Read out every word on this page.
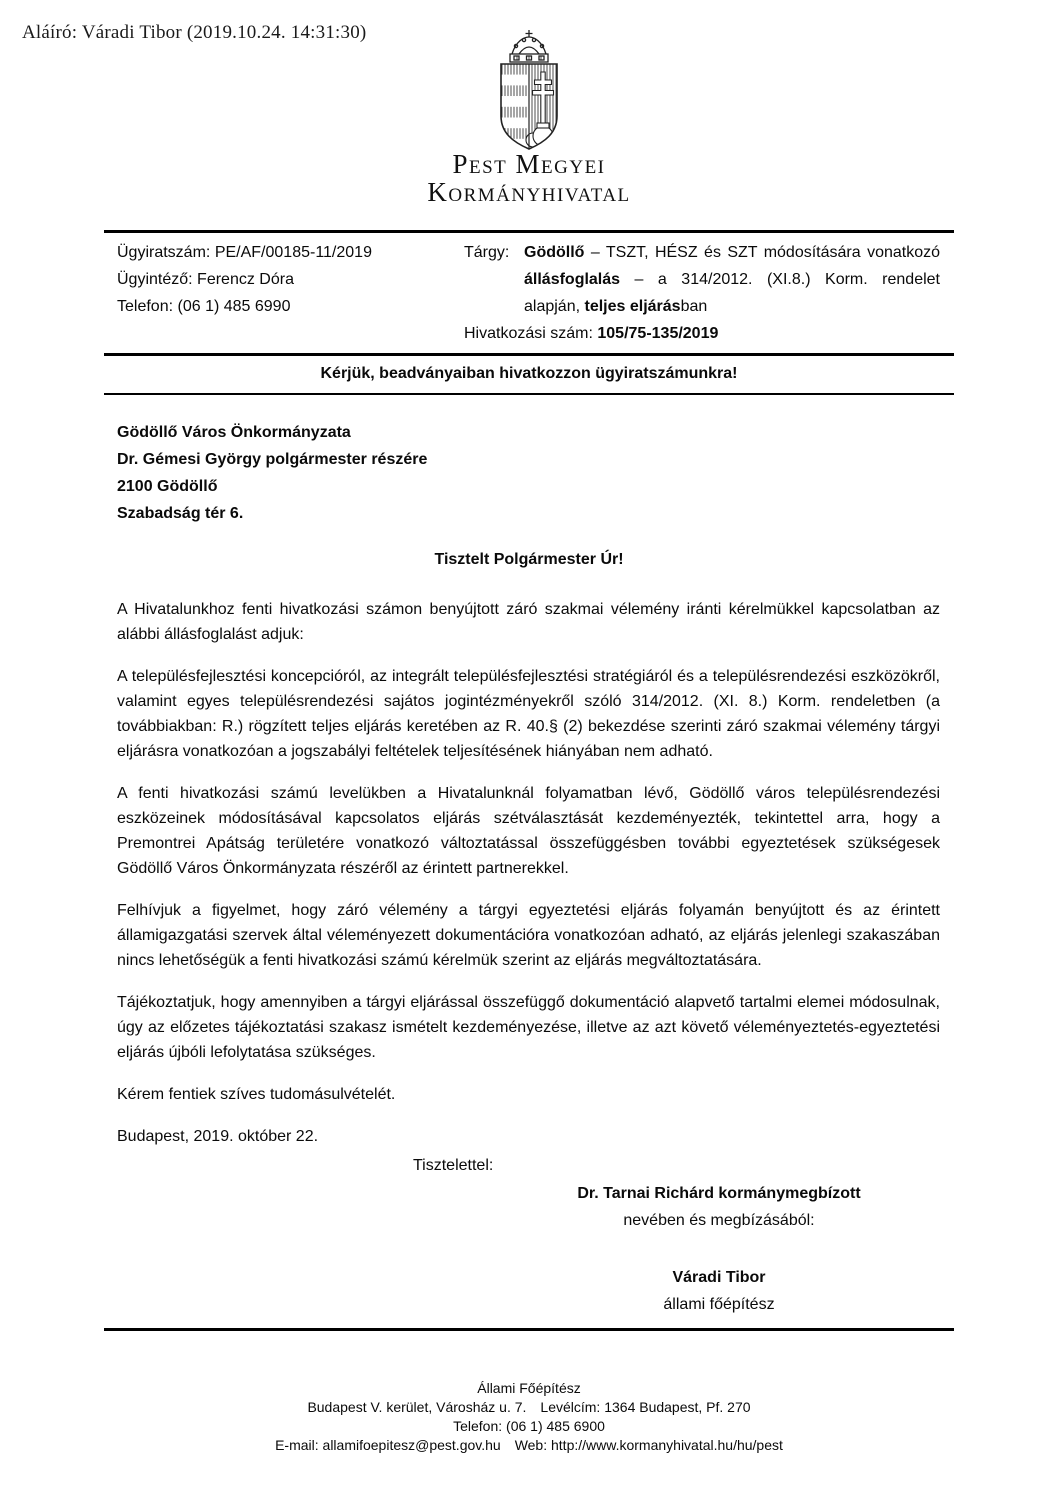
Aláíró: Váradi Tibor (2019.10.24. 14:31:30)
Pest Megyei
Kormányhivatal
Ügyiratszám: PE/AF/00185-11/2019
Ügyintéző: Ferencz Dóra
Telefon: (06 1) 485 6990
Tárgy: Gödöllő – TSZT, HÉSZ és SZT módosítására vonatkozó állásfoglalás – a 314/2012. (XI.8.) Korm. rendelet alapján, teljes eljárásban
Hivatkozási szám: 105/75-135/2019
Kérjük, beadványaiban hivatkozzon ügyiratszámunkra!
Gödöllő Város Önkormányzata
Dr. Gémesi György polgármester részére
2100 Gödöllő
Szabadság tér 6.
Tisztelt Polgármester Úr!

A Hivatalunkhoz fenti hivatkozási számon benyújtott záró szakmai vélemény iránti kérelmükkel kapcsolatban az alábbi állásfoglalást adjuk:

A településfejlesztési koncepcióról, az integrált településfejlesztési stratégiáról és a településrendezési eszközökről, valamint egyes településrendezési sajátos jogintézményekről szóló 314/2012. (XI. 8.) Korm. rendeletben (a továbbiakban: R.) rögzített teljes eljárás keretében az R. 40.§ (2) bekezdése szerinti záró szakmai vélemény tárgyi eljárásra vonatkozóan a jogszabályi feltételek teljesítésének hiányában nem adható.

A fenti hivatkozási számú levelükben a Hivatalunknál folyamatban lévő, Gödöllő város településrendezési eszközeinek módosításával kapcsolatos eljárás szétválasztását kezdeményezték, tekintettel arra, hogy a Premontrei Apátság területére vonatkozó változtatással összefüggésben további egyeztetések szükségesek Gödöllő Város Önkormányzata részéről az érintett partnerekkel.

Felhívjuk a figyelmet, hogy záró vélemény a tárgyi egyeztetési eljárás folyamán benyújtott és az érintett államigazgatási szervek által véleményezett dokumentációra vonatkozóan adható, az eljárás jelenlegi szakaszában nincs lehetőségük a fenti hivatkozási számú kérelmük szerint az eljárás megváltoztatására.

Tájékoztatjuk, hogy amennyiben a tárgyi eljárással összefüggő dokumentáció alapvető tartalmi elemei módosulnak, úgy az előzetes tájékoztatási szakasz ismételt kezdeményezése, illetve az azt követő véleményeztetés-egyeztetési eljárás újbóli lefolytatása szükséges.

Kérem fentiek szíves tudomásulvételét.

Budapest, 2019. október 22.

Tisztelettel:
Dr. Tarnai Richárd kormánymegbízott
nevében és megbízásából:
Váradi Tibor
állami főépítész
Állami Főépítész
Budapest V. kerület, Városház u. 7. Levélcím: 1364 Budapest, Pf. 270
Telefon: (06 1) 485 6900
E-mail: allamifoepitesz@pest.gov.hu Web: http://www.kormanyhivatal.hu/hu/pest
